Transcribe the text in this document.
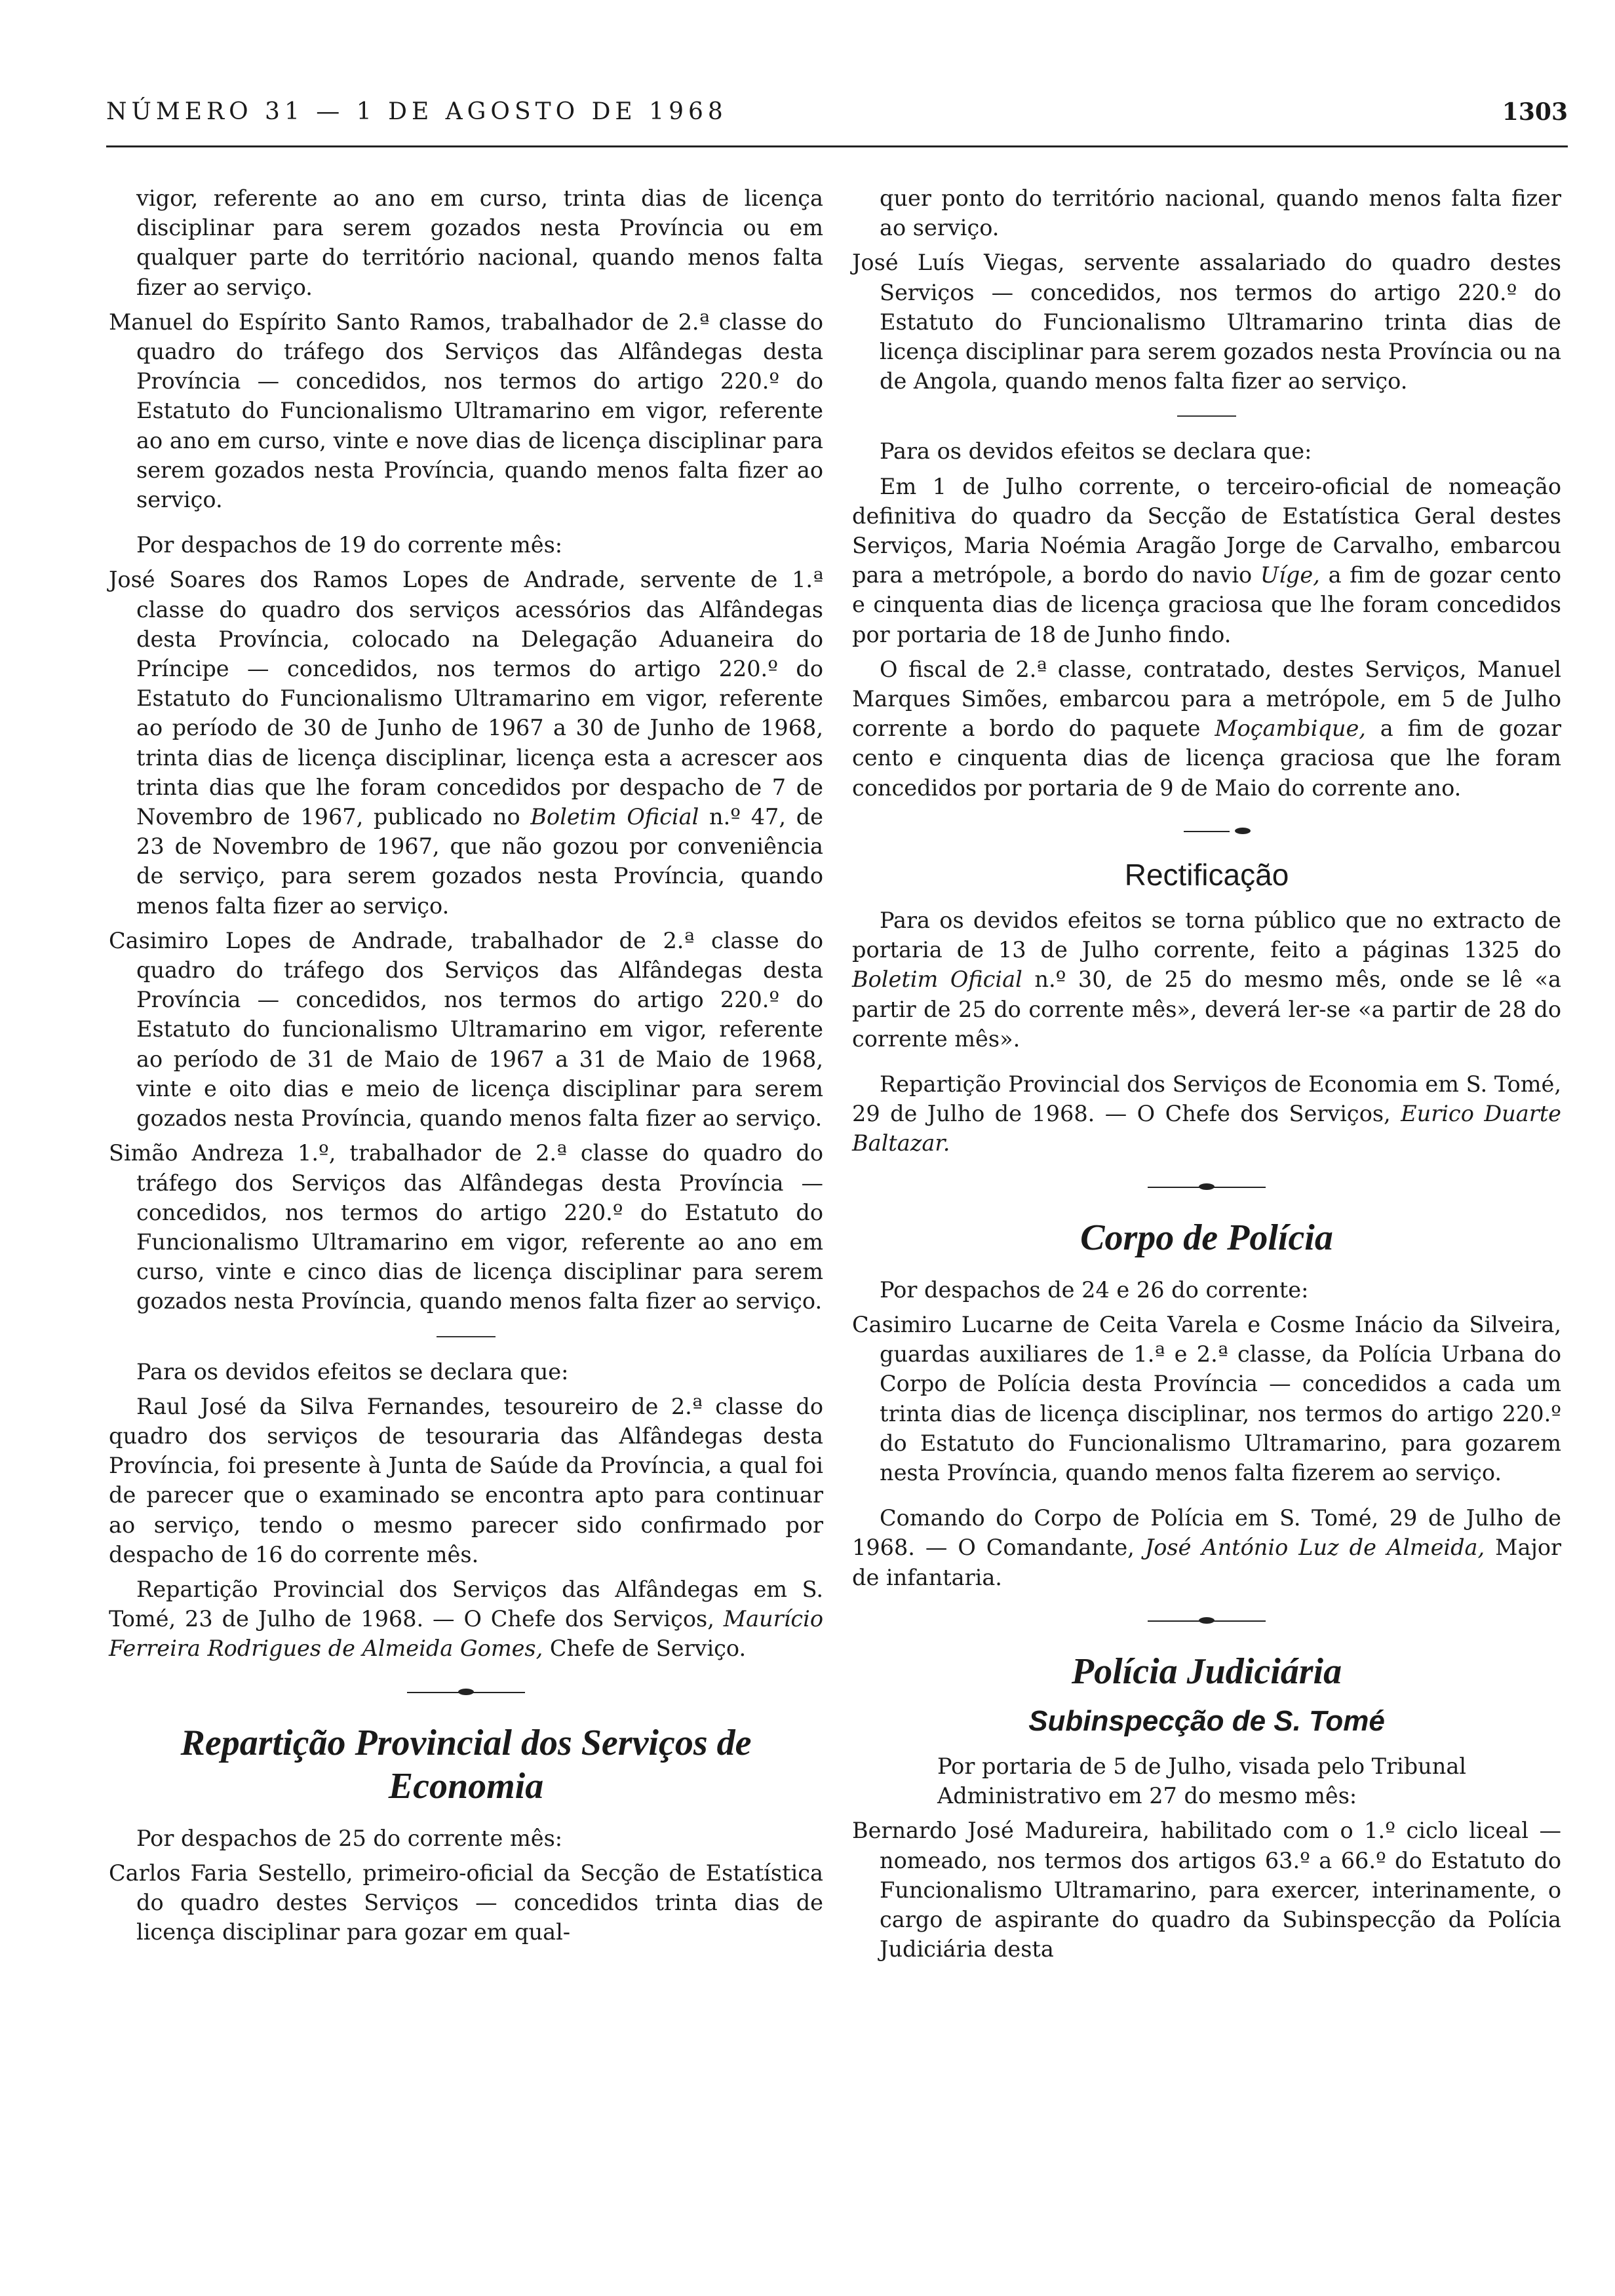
NÚMERO 31 — 1 DE AGOSTO DE 1968	1303

vigor, referente ao ano em curso, trinta dias de licença disciplinar para serem gozados nesta Província ou em qualquer parte do território nacional, quando menos falta fizer ao serviço.

Manuel do Espírito Santo Ramos, trabalhador de 2.ª classe do quadro do tráfego dos Serviços das Alfândegas desta Província — concedidos, nos termos do artigo 220.º do Estatuto do Funcionalismo Ultramarino em vigor, referente ao ano em curso, vinte e nove dias de licença disciplinar para serem gozados nesta Província, quando menos falta fizer ao serviço.

Por despachos de 19 do corrente mês:

José Soares dos Ramos Lopes de Andrade, servente de 1.ª classe do quadro dos serviços acessórios das Alfândegas desta Província, colocado na Delegação Aduaneira do Príncipe — concedidos, nos termos do artigo 220.º do Estatuto do Funcionalismo Ultramarino em vigor, referente ao período de 30 de Junho de 1967 a 30 de Junho de 1968, trinta dias de licença disciplinar, licença esta a acrescer aos trinta dias que lhe foram concedidos por despacho de 7 de Novembro de 1967, publicado no Boletim Oficial n.º 47, de 23 de Novembro de 1967, que não gozou por conveniência de serviço, para serem gozados nesta Província, quando menos falta fizer ao serviço.

Casimiro Lopes de Andrade, trabalhador de 2.ª classe do quadro do tráfego dos Serviços das Alfândegas desta Província — concedidos, nos termos do artigo 220.º do Estatuto do funcionalismo Ultramarino em vigor, referente ao período de 31 de Maio de 1967 a 31 de Maio de 1968, vinte e oito dias e meio de licença disciplinar para serem gozados nesta Província, quando menos falta fizer ao serviço.

Simão Andreza 1.º, trabalhador de 2.ª classe do quadro do tráfego dos Serviços das Alfândegas desta Província — concedidos, nos termos do artigo 220.º do Estatuto do Funcionalismo Ultramarino em vigor, referente ao ano em curso, vinte e cinco dias de licença disciplinar para serem gozados nesta Província, quando menos falta fizer ao serviço.

Para os devidos efeitos se declara que:

Raul José da Silva Fernandes, tesoureiro de 2.ª classe do quadro dos serviços de tesouraria das Alfândegas desta Província, foi presente à Junta de Saúde da Província, a qual foi de parecer que o examinado se encontra apto para continuar ao serviço, tendo o mesmo parecer sido confirmado por despacho de 16 do corrente mês.

Repartição Provincial dos Serviços das Alfândegas em S. Tomé, 23 de Julho de 1968. — O Chefe dos Serviços, Maurício Ferreira Rodrigues de Almeida Gomes, Chefe de Serviço.

Repartição Provincial dos Serviços de Economia

Por despachos de 25 do corrente mês:

Carlos Faria Sestello, primeiro-oficial da Secção de Estatística do quadro destes Serviços — concedidos trinta dias de licença disciplinar para gozar em qual-

quer ponto do território nacional, quando menos falta fizer ao serviço.

José Luís Viegas, servente assalariado do quadro destes Serviços — concedidos, nos termos do artigo 220.º do Estatuto do Funcionalismo Ultramarino trinta dias de licença disciplinar para serem gozados nesta Província ou na de Angola, quando menos falta fizer ao serviço.

Para os devidos efeitos se declara que:

Em 1 de Julho corrente, o terceiro-oficial de nomeação definitiva do quadro da Secção de Estatística Geral destes Serviços, Maria Noémia Aragão Jorge de Carvalho, embarcou para a metrópole, a bordo do navio Uíge, a fim de gozar cento e cinquenta dias de licença graciosa que lhe foram concedidos por portaria de 18 de Junho findo.

O fiscal de 2.ª classe, contratado, destes Serviços, Manuel Marques Simões, embarcou para a metrópole, em 5 de Julho corrente a bordo do paquete Moçambique, a fim de gozar cento e cinquenta dias de licença graciosa que lhe foram concedidos por portaria de 9 de Maio do corrente ano.

Rectificação

Para os devidos efeitos se torna público que no extracto de portaria de 13 de Julho corrente, feito a páginas 1325 do Boletim Oficial n.º 30, de 25 do mesmo mês, onde se lê «a partir de 25 do corrente mês», deverá ler-se «a partir de 28 do corrente mês».

Repartição Provincial dos Serviços de Economia em S. Tomé, 29 de Julho de 1968. — O Chefe dos Serviços, Eurico Duarte Baltazar.

Corpo de Polícia

Por despachos de 24 e 26 do corrente:

Casimiro Lucarne de Ceita Varela e Cosme Inácio da Silveira, guardas auxiliares de 1.ª e 2.ª classe, da Polícia Urbana do Corpo de Polícia desta Província — concedidos a cada um trinta dias de licença disciplinar, nos termos do artigo 220.º do Estatuto do Funcionalismo Ultramarino, para gozarem nesta Província, quando menos falta fizerem ao serviço.

Comando do Corpo de Polícia em S. Tomé, 29 de Julho de 1968. — O Comandante, José António Luz de Almeida, Major de infantaria.

Polícia Judiciária

Subinspecção de S. Tomé

Por portaria de 5 de Julho, visada pelo Tribunal Administrativo em 27 do mesmo mês:

Bernardo José Madureira, habilitado com o 1.º ciclo liceal — nomeado, nos termos dos artigos 63.º a 66.º do Estatuto do Funcionalismo Ultramarino, para exercer, interinamente, o cargo de aspirante do quadro da Subinspecção da Polícia Judiciária desta
